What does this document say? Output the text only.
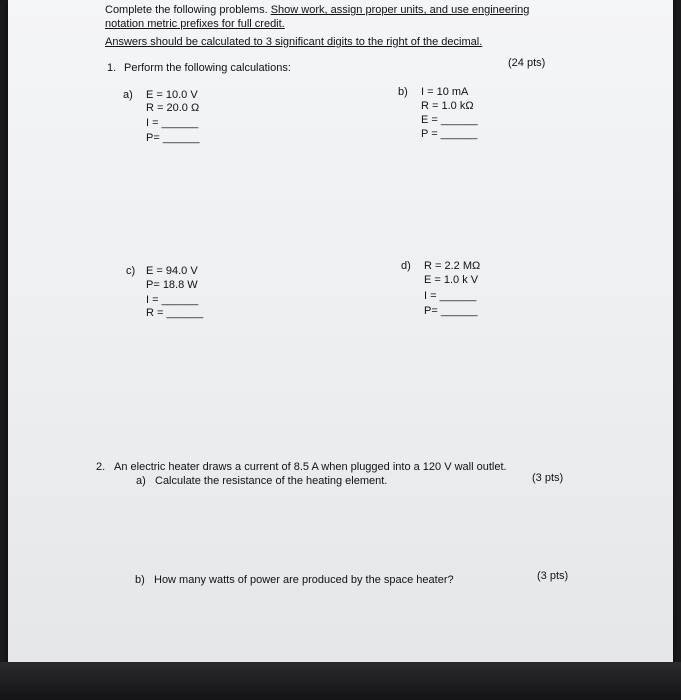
Complete the following problems. Show work, assign proper units, and use engineering
notation metric prefixes for full credit.
Answers should be calculated to 3 significant digits to the right of the decimal.
1. Perform the following calculations:	(24 pts)
a) E = 10.0 V
R = 20.0 Ω
I = ______
P= ______
b) I = 10 mA
R = 1.0 kΩ
E = ______
P = ______
c) E = 94.0 V
P= 18.8 W
I = ______
R = ______
d) R = 2.2 MΩ
E = 1.0 k V
I = ______
P= ______
2. An electric heater draws a current of 8.5 A when plugged into a 120 V wall outlet.
a) Calculate the resistance of the heating element.	(3 pts)
b) How many watts of power are produced by the space heater?	(3 pts)
